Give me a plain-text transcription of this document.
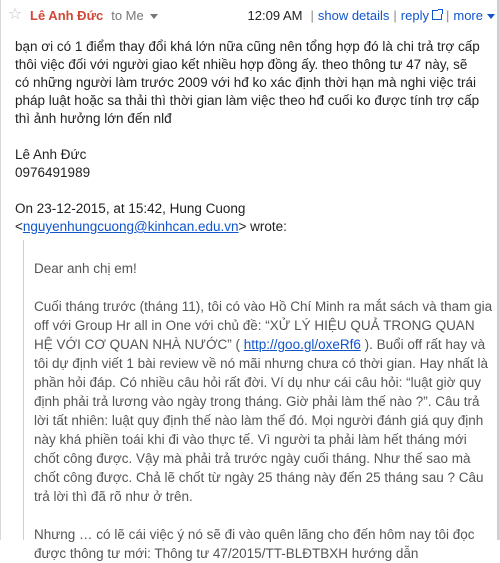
☆ Lê Anh Đức to Me	12:09 AM | show details | reply	| more

bạn ơi có 1 điểm thay đổi khá lớn nữa cũng nên tổng hợp đó là chi trả trợ cấp thôi việc đối với người giao kết nhiều hợp đồng ấy. theo thông tư 47 này, sẽ có những người làm trước 2009 với hđ ko xác định thời hạn mà nghi việc trái pháp luật hoặc sa thải thì thời gian làm việc theo hđ cuối ko được tính trợ cấp thì ảnh hưởng lớn đến nlđ

Lê Anh Đức

0976491989

On 23-12-2015, at 15:42, Hung Cuong

<nguyenhungcuong@kinhcan.edu.vn> wrote:

Dear anh chị em!

Cuối tháng trước (tháng 11), tôi có vào Hồ Chí Minh ra mắt sách và tham gia off với Group Hr all in One với chủ đề: “XỬ LÝ HIỆU QUẢ TRONG QUAN HỆ VỚI CƠ QUAN NHÀ NƯỚC” ( http://goo.gl/oxeRf6 ). Buổi off rất hay và tôi dự định viết 1 bài review về nó mãi nhưng chưa có thời gian. Hay nhất là phần hỏi đáp. Có nhiều câu hỏi rất đời. Ví dụ như cái câu hỏi: “luật giờ quy định phải trả lương vào ngày trong tháng. Giờ phải làm thế nào ?”. Câu trả lời tất nhiên: luật quy định thế nào làm thế đó. Mọi người đánh giá quy định này khá phiền toái khi đi vào thực tế. Vì người ta phải làm hết tháng mới chốt công được. Vậy mà phải trả trước ngày cuối tháng. Như thế sao mà chốt công được. Chả lẽ chốt từ ngày 25 tháng này đến 25 tháng sau ? Câu trả lời thì đã rõ như ở trên.

Nhưng … có lẽ cái việc ý nó sẽ đi vào quên lãng cho đến hôm nay tôi đọc được thông tư mới: Thông tư 47/2015/TT-BLĐTBXH hướng dẫn
